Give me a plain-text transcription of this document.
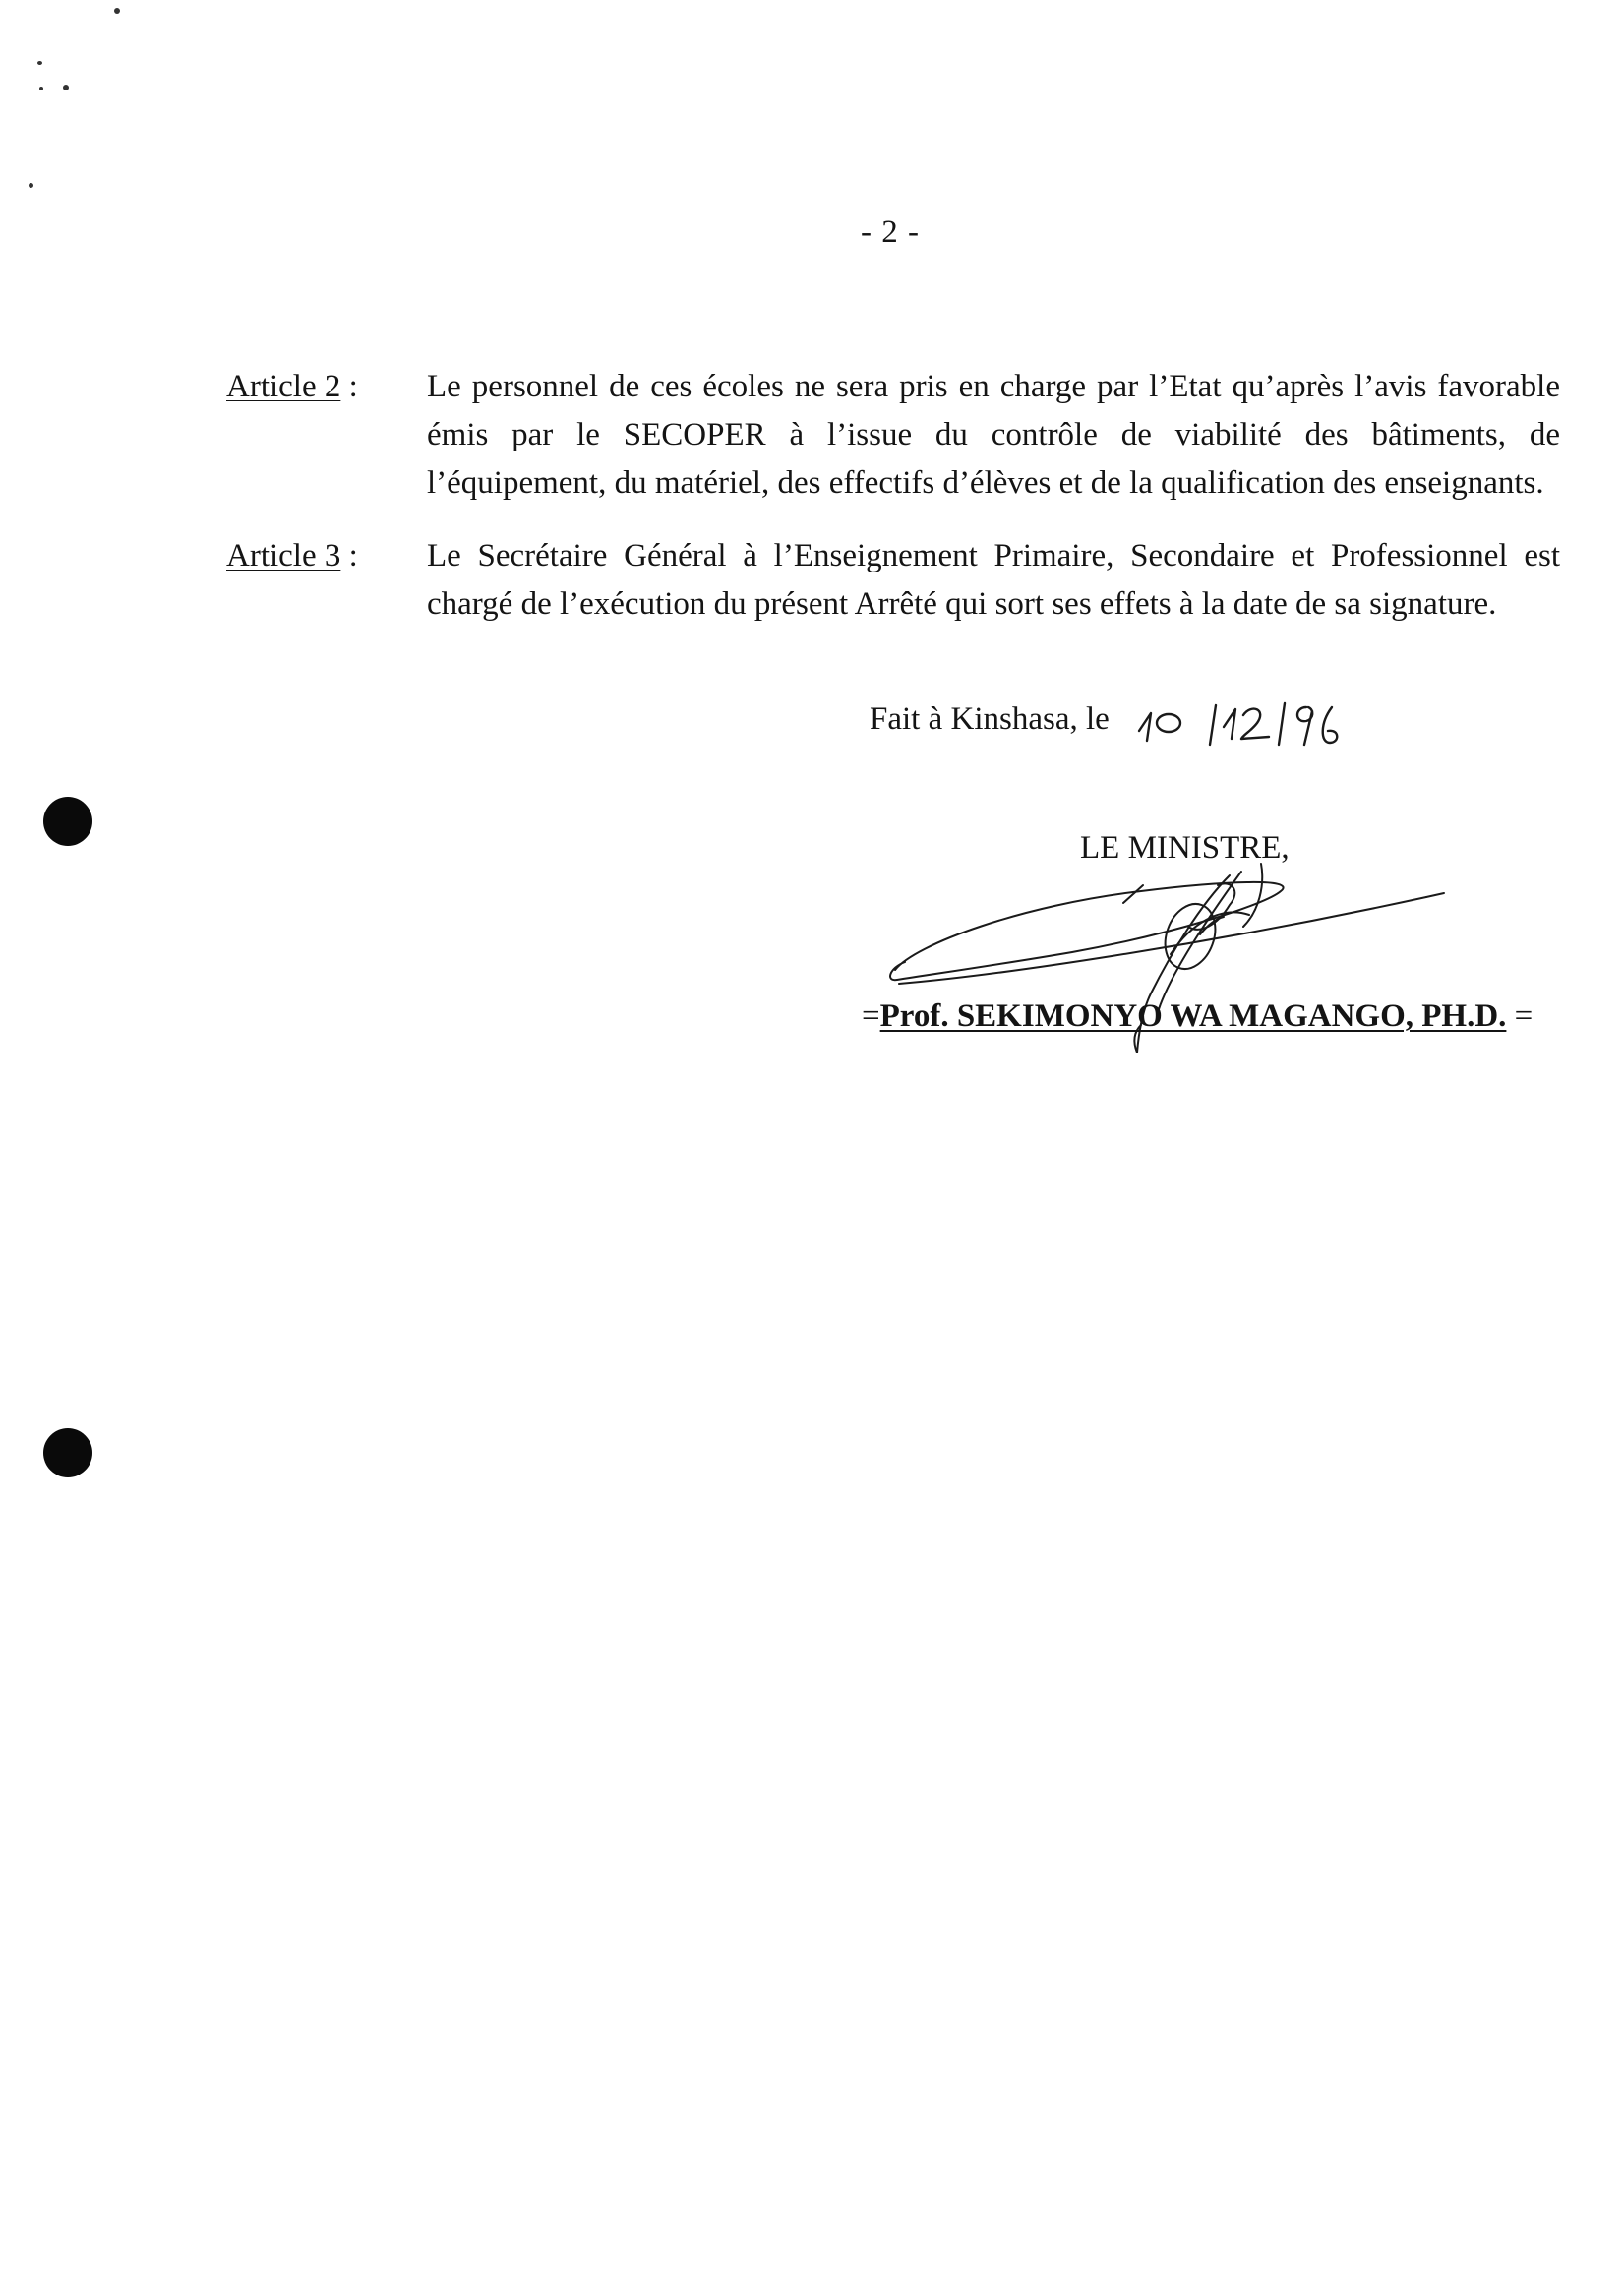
- 2 -
Article 2 :	Le personnel de ces écoles ne sera pris en charge par l’Etat qu’après l’avis favorable émis par le SECOPER à l’issue du contrôle de viabilité des bâtiments, de l’équipement, du matériel, des effectifs d’élèves et de la qualification des enseignants.
Article 3 :	Le Secrétaire Général à l’Enseignement Primaire, Secondaire et Professionnel est chargé de l’exécution du présent Arrêté qui sort ses effets à la date de sa signature.
Fait à Kinshasa, le
LE MINISTRE,
=Prof. SEKIMONYO WA MAGANGO, PH.D. =
